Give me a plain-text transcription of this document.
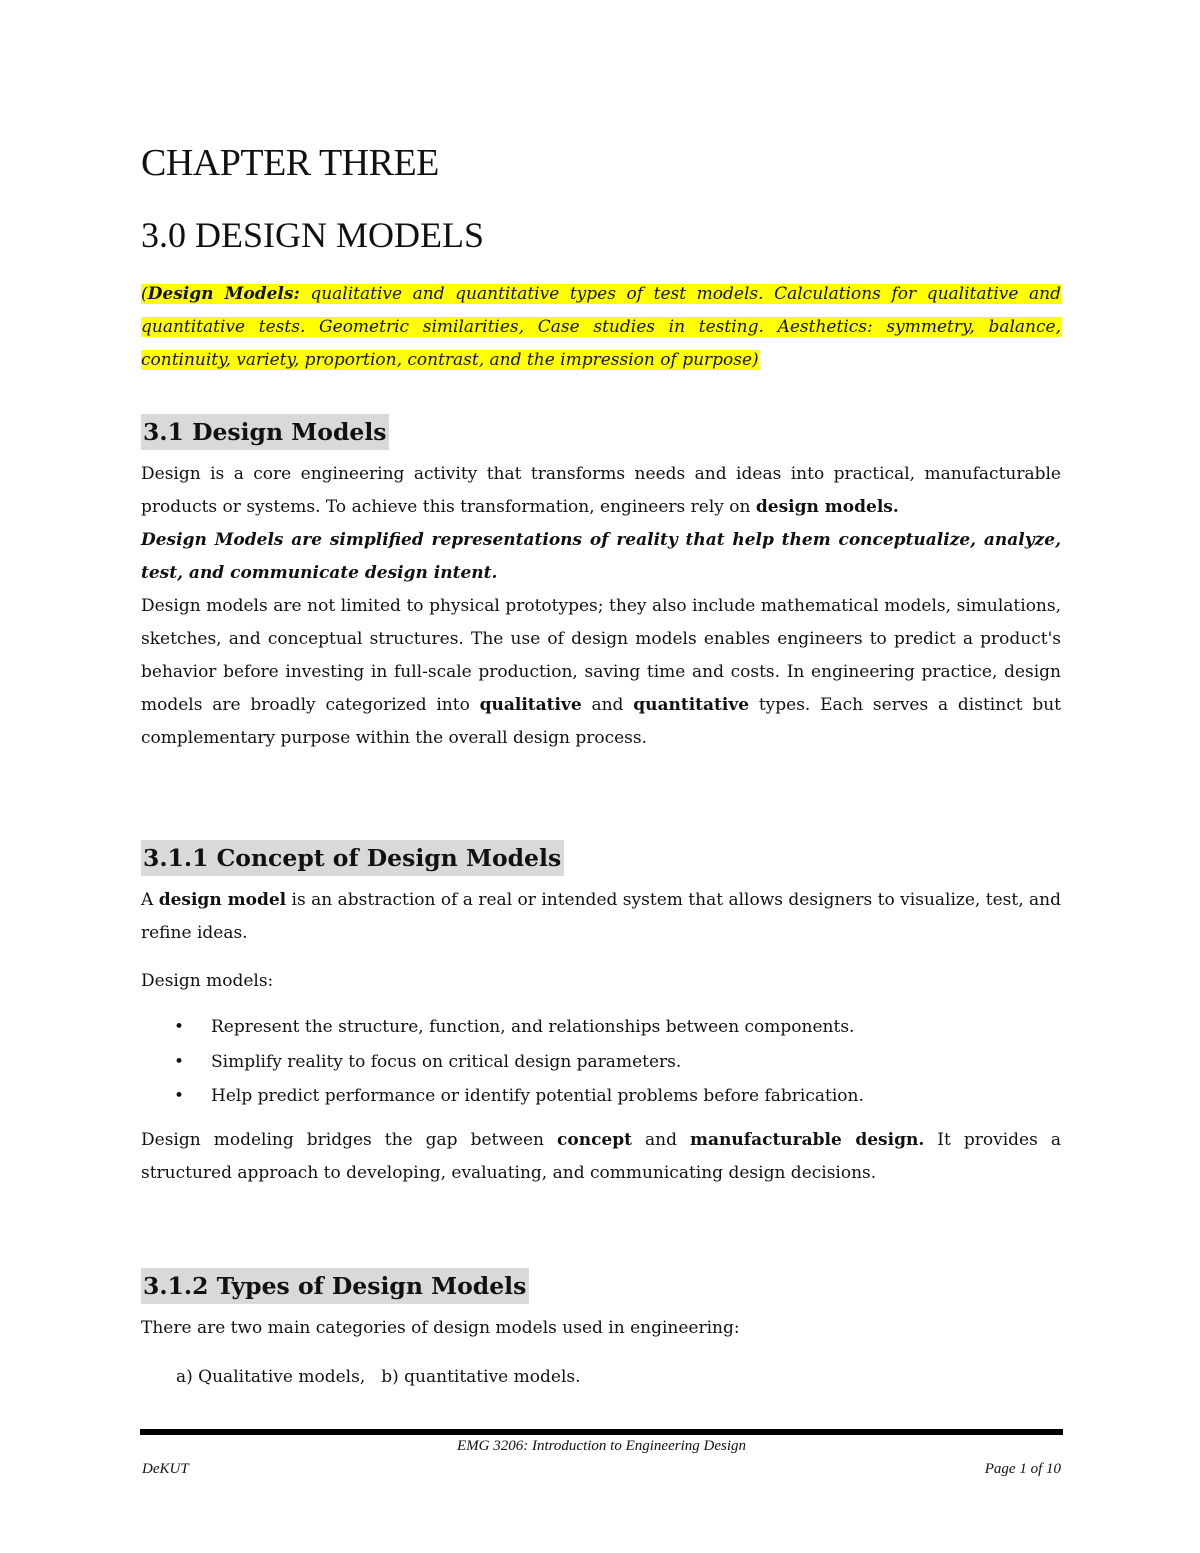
CHAPTER THREE
3.0 DESIGN MODELS
(Design Models: qualitative and quantitative types of test models. Calculations for qualitative and quantitative tests. Geometric similarities, Case studies in testing. Aesthetics: symmetry, balance, continuity, variety, proportion, contrast, and the impression of purpose)
3.1 Design Models
Design is a core engineering activity that transforms needs and ideas into practical, manufacturable products or systems. To achieve this transformation, engineers rely on design models.
Design Models are simplified representations of reality that help them conceptualize, analyze, test, and communicate design intent.
Design models are not limited to physical prototypes; they also include mathematical models, simulations, sketches, and conceptual structures. The use of design models enables engineers to predict a product's behavior before investing in full-scale production, saving time and costs. In engineering practice, design models are broadly categorized into qualitative and quantitative types. Each serves a distinct but complementary purpose within the overall design process.
3.1.1 Concept of Design Models

A design model is an abstraction of a real or intended system that allows designers to visualize, test, and refine ideas.

Design models:

• Represent the structure, function, and relationships between components.
• Simplify reality to focus on critical design parameters.
• Help predict performance or identify potential problems before fabrication.

Design modeling bridges the gap between concept and manufacturable design. It provides a structured approach to developing, evaluating, and communicating design decisions.

3.1.2 Types of Design Models

There are two main categories of design models used in engineering:

a) Qualitative models, b) quantitative models.
EMG 3206: Introduction to Engineering Design
DeKUT	Page 1 of 10
